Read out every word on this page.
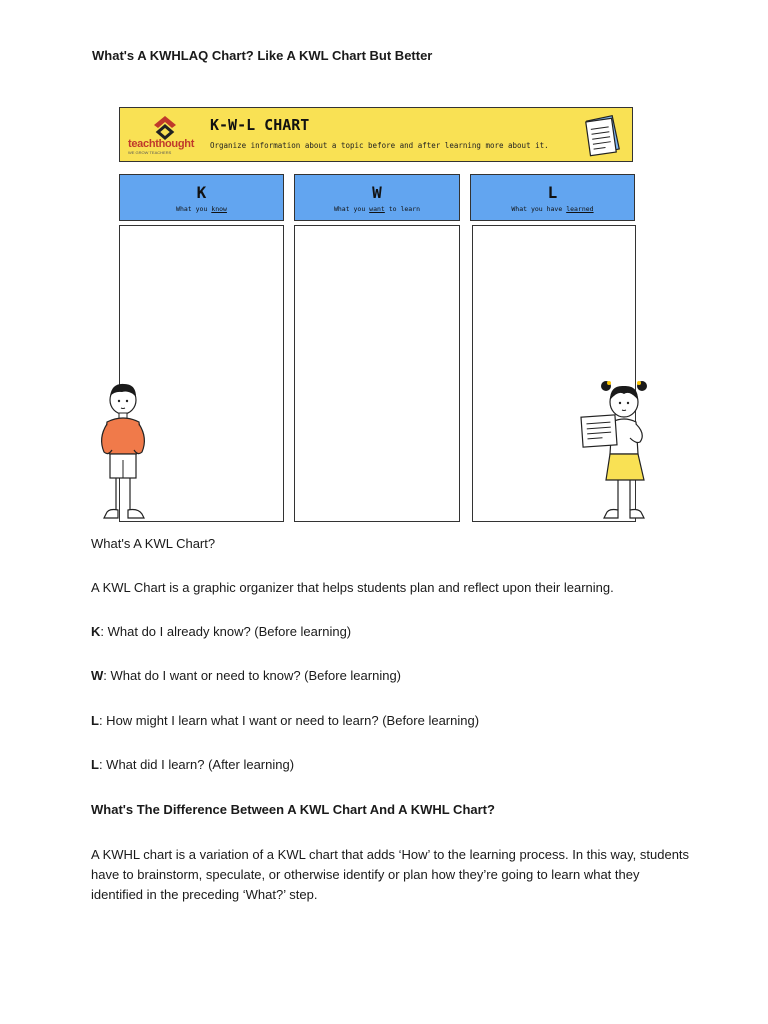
What's A KWHLAQ Chart? Like A KWL Chart But Better
teachthought
WE GROW TEACHERS
K-W-L CHART
Organize information about a topic before and after learning more about it.
K
What you know
W
What you want to learn
L
What you have learned

What's A KWL Chart?

A KWL Chart is a graphic organizer that helps students plan and reflect upon their learning.

K: What do I already know? (Before learning)

W: What do I want or need to know? (Before learning)

L: How might I learn what I want or need to learn? (Before learning)

L: What did I learn? (After learning)

What's The Difference Between A KWL Chart And A KWHL Chart?

A KWHL chart is a variation of a KWL chart that adds ‘How’ to the learning process. In this way, students have to brainstorm, speculate, or otherwise identify or plan how they’re going to learn what they identified in the preceding ‘What?’ step.
